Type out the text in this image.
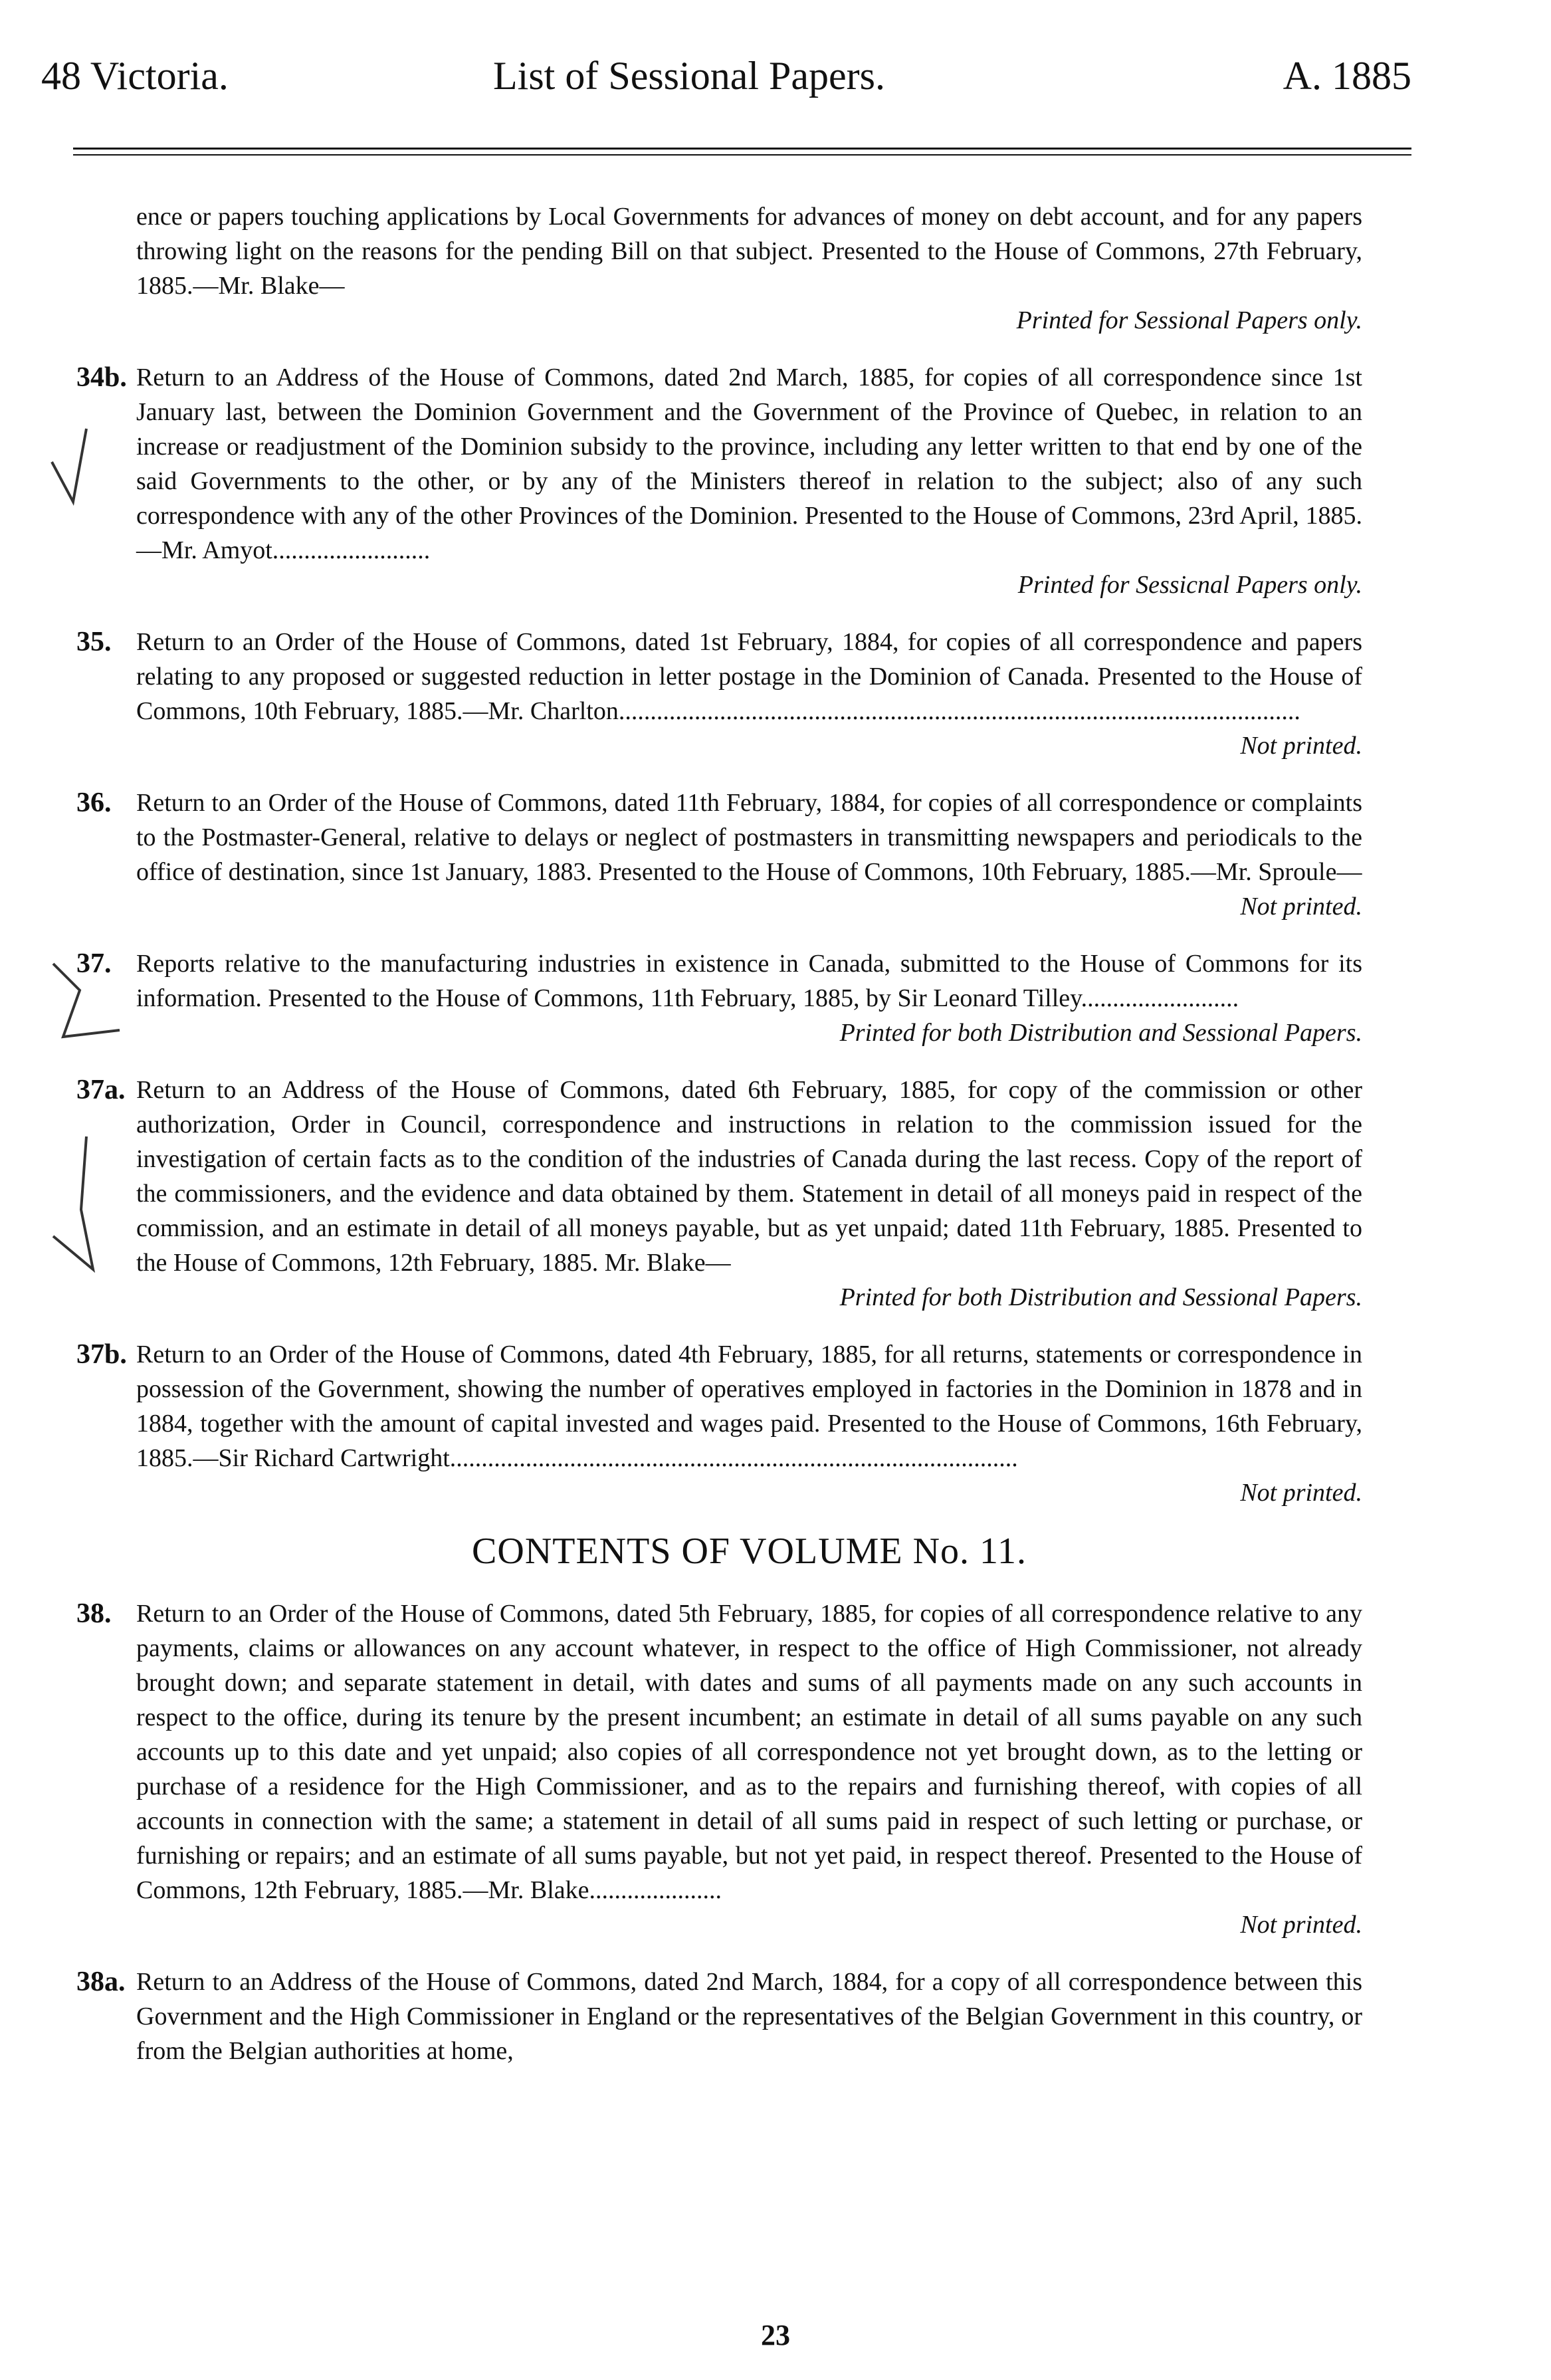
48 Victoria.	List of Sessional Papers.	A. 1885
ence or papers touching applications by Local Governments for advances of money on debt account, and for any papers throwing light on the reasons for the pending Bill on that subject. Presented to the House of Commons, 27th February, 1885.—Mr. Blake—
Printed for Sessional Papers only.
34b. Return to an Address of the House of Commons, dated 2nd March, 1885, for copies of all correspondence since 1st January last, between the Dominion Government and the Government of the Province of Quebec, in relation to an increase or readjustment of the Dominion subsidy to the province, including any letter written to that end by one of the said Governments to the other, or by any of the Ministers thereof in relation to the subject; also of any such correspondence with any of the other Provinces of the Dominion. Presented to the House of Commons, 23rd April, 1885.—Mr. Amyot.........................
Printed for Sessicnal Papers only.
35. Return to an Order of the House of Commons, dated 1st February, 1884, for copies of all correspondence and papers relating to any proposed or suggested reduction in letter postage in the Dominion of Canada. Presented to the House of Commons, 10th February, 1885.—Mr. Charlton............................................................................................................
Not printed.
36. Return to an Order of the House of Commons, dated 11th February, 1884, for copies of all correspondence or complaints to the Postmaster-General, relative to delays or neglect of postmasters in transmitting newspapers and periodicals to the office of destination, since 1st January, 1883. Presented to the House of Commons, 10th February, 1885.—Mr. Sproule—
Not printed.
37. Reports relative to the manufacturing industries in existence in Canada, submitted to the House of Commons for its information. Presented to the House of Commons, 11th February, 1885, by Sir Leonard Tilley.........................
Printed for both Distribution and Sessional Papers.
37a. Return to an Address of the House of Commons, dated 6th February, 1885, for copy of the commission or other authorization, Order in Council, correspondence and instructions in relation to the commission issued for the investigation of certain facts as to the condition of the industries of Canada during the last recess. Copy of the report of the commissioners, and the evidence and data obtained by them. Statement in detail of all moneys paid in respect of the commission, and an estimate in detail of all moneys payable, but as yet unpaid; dated 11th February, 1885. Presented to the House of Commons, 12th February, 1885. Mr. Blake—
Printed for both Distribution and Sessional Papers.
37b. Return to an Order of the House of Commons, dated 4th February, 1885, for all returns, statements or correspondence in possession of the Government, showing the number of operatives employed in factories in the Dominion in 1878 and in 1884, together with the amount of capital invested and wages paid. Presented to the House of Commons, 16th February, 1885.—Sir Richard Cartwright..........................................................................................
Not printed.
CONTENTS OF VOLUME No. 11.
38. Return to an Order of the House of Commons, dated 5th February, 1885, for copies of all correspondence relative to any payments, claims or allowances on any account whatever, in respect to the office of High Commissioner, not already brought down; and separate statement in detail, with dates and sums of all payments made on any such accounts in respect to the office, during its tenure by the present incumbent; an estimate in detail of all sums payable on any such accounts up to this date and yet unpaid; also copies of all correspondence not yet brought down, as to the letting or purchase of a residence for the High Commissioner, and as to the repairs and furnishing thereof, with copies of all accounts in connection with the same; a statement in detail of all sums paid in respect of such letting or purchase, or furnishing or repairs; and an estimate of all sums payable, but not yet paid, in respect thereof. Presented to the House of Commons, 12th February, 1885.—Mr. Blake.....................
Not printed.
38a. Return to an Address of the House of Commons, dated 2nd March, 1884, for a copy of all correspondence between this Government and the High Commissioner in England or the representatives of the Belgian Government in this country, or from the Belgian authorities at home,
23
